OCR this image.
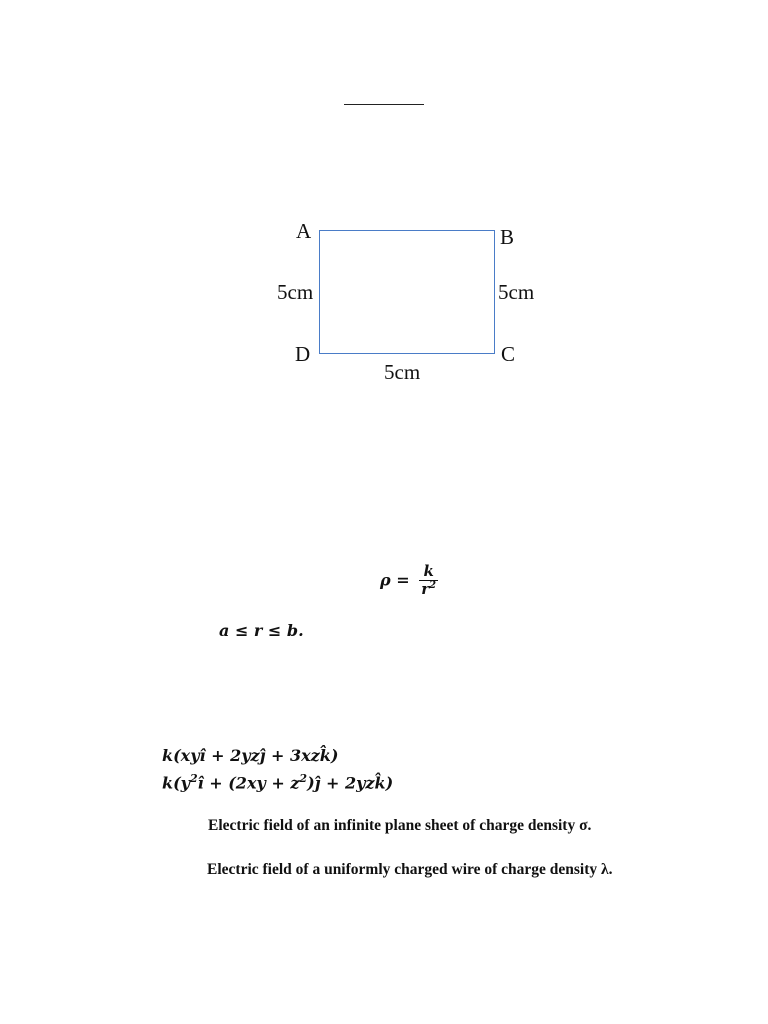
A	B
C
D
5cm	5cm
5cm
$\rho = \frac{k}{r^2}$
a ≤ r ≤ b.
k(xyî + 2yzĵ + 3xzk̂)
$k(y^2î + (2xy$ + $z^2)ĵ$ + 2yzk̂)
Electric field of an infinite plane sheet of charge density σ.
Electric field of a uniformly charged wire of charge density λ.
